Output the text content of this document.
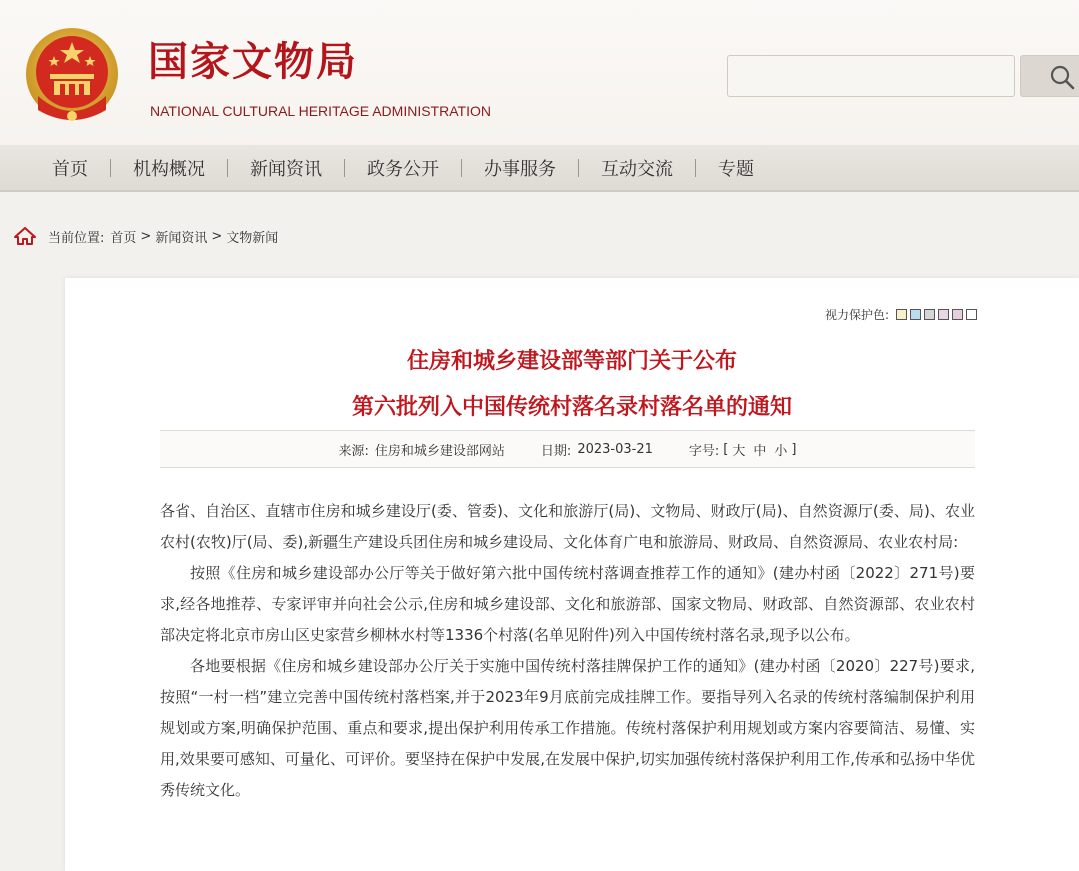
国家文物局
NATIONAL CULTURAL HERITAGE ADMINISTRATION
首页	机构概况	新闻资讯	政务公开	办事服务	互动交流	专题
当前位置: 首页 > 新闻资讯 > 文物新闻
视力保护色:
住房和城乡建设部等部门关于公布
第六批列入中国传统村落名录村落名单的通知
来源: 住房和城乡建设部网站	日期: 2023-03-21	字号: [ 大 中 小 ]

各省、自治区、直辖市住房和城乡建设厅(委、管委)、文化和旅游厅(局)、文物局、财政厅(局)、自然资源厅(委、局)、农业农村(农牧)厅(局、委),新疆生产建设兵团住房和城乡建设局、文化体育广电和旅游局、财政局、自然资源局、农业农村局:

按照《住房和城乡建设部办公厅等关于做好第六批中国传统村落调查推荐工作的通知》(建办村函〔2022〕271号)要求,经各地推荐、专家评审并向社会公示,住房和城乡建设部、文化和旅游部、国家文物局、财政部、自然资源部、农业农村部决定将北京市房山区史家营乡柳林水村等1336个村落(名单见附件)列入中国传统村落名录,现予以公布。

各地要根据《住房和城乡建设部办公厅关于实施中国传统村落挂牌保护工作的通知》(建办村函〔2020〕227号)要求,按照“一村一档”建立完善中国传统村落档案,并于2023年9月底前完成挂牌工作。要指导列入名录的传统村落编制保护利用规划或方案,明确保护范围、重点和要求,提出保护利用传承工作措施。传统村落保护利用规划或方案内容要简洁、易懂、实用,效果要可感知、可量化、可评价。要坚持在保护中发展,在发展中保护,切实加强传统村落保护利用工作,传承和弘扬中华优秀传统文化。
